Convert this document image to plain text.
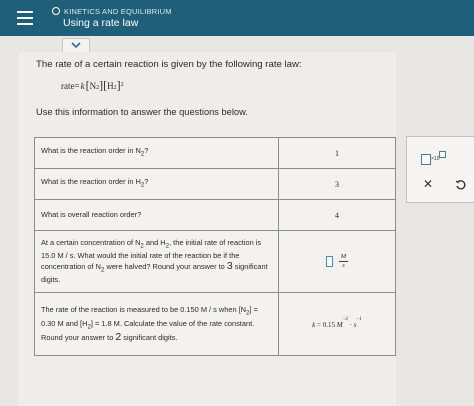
KINETICS AND EQUILIBRIUM
Using a rate law
The rate of a certain reaction is given by the following rate law:
rate = k [ $N_2$ ] [ $H_2$ ]$^2$
Use this information to answer the questions below.
What is the reaction order in $N_2$?	1
What is the reaction order in $H_2$?	3
What is overall reaction order?	4
At a certain concentration of $N_2$ and $H_2$, the initial rate of reaction is 15.0 M / s. What would the initial rate of the reaction be if the concentration of $N_2$ were halved? Round your answer to 3 significant digits.	$\frac{M}{s}$

The rate of the reaction is measured to be 0.150 M / s when $[N_2] = 0.30$ M and $[H_2] = 1.8$ M. Calculate the value of the rate constant. Round your answer to 2 significant digits.	k = 0.15 $M^{-2} \cdot s^{-1}$
×10
✕
